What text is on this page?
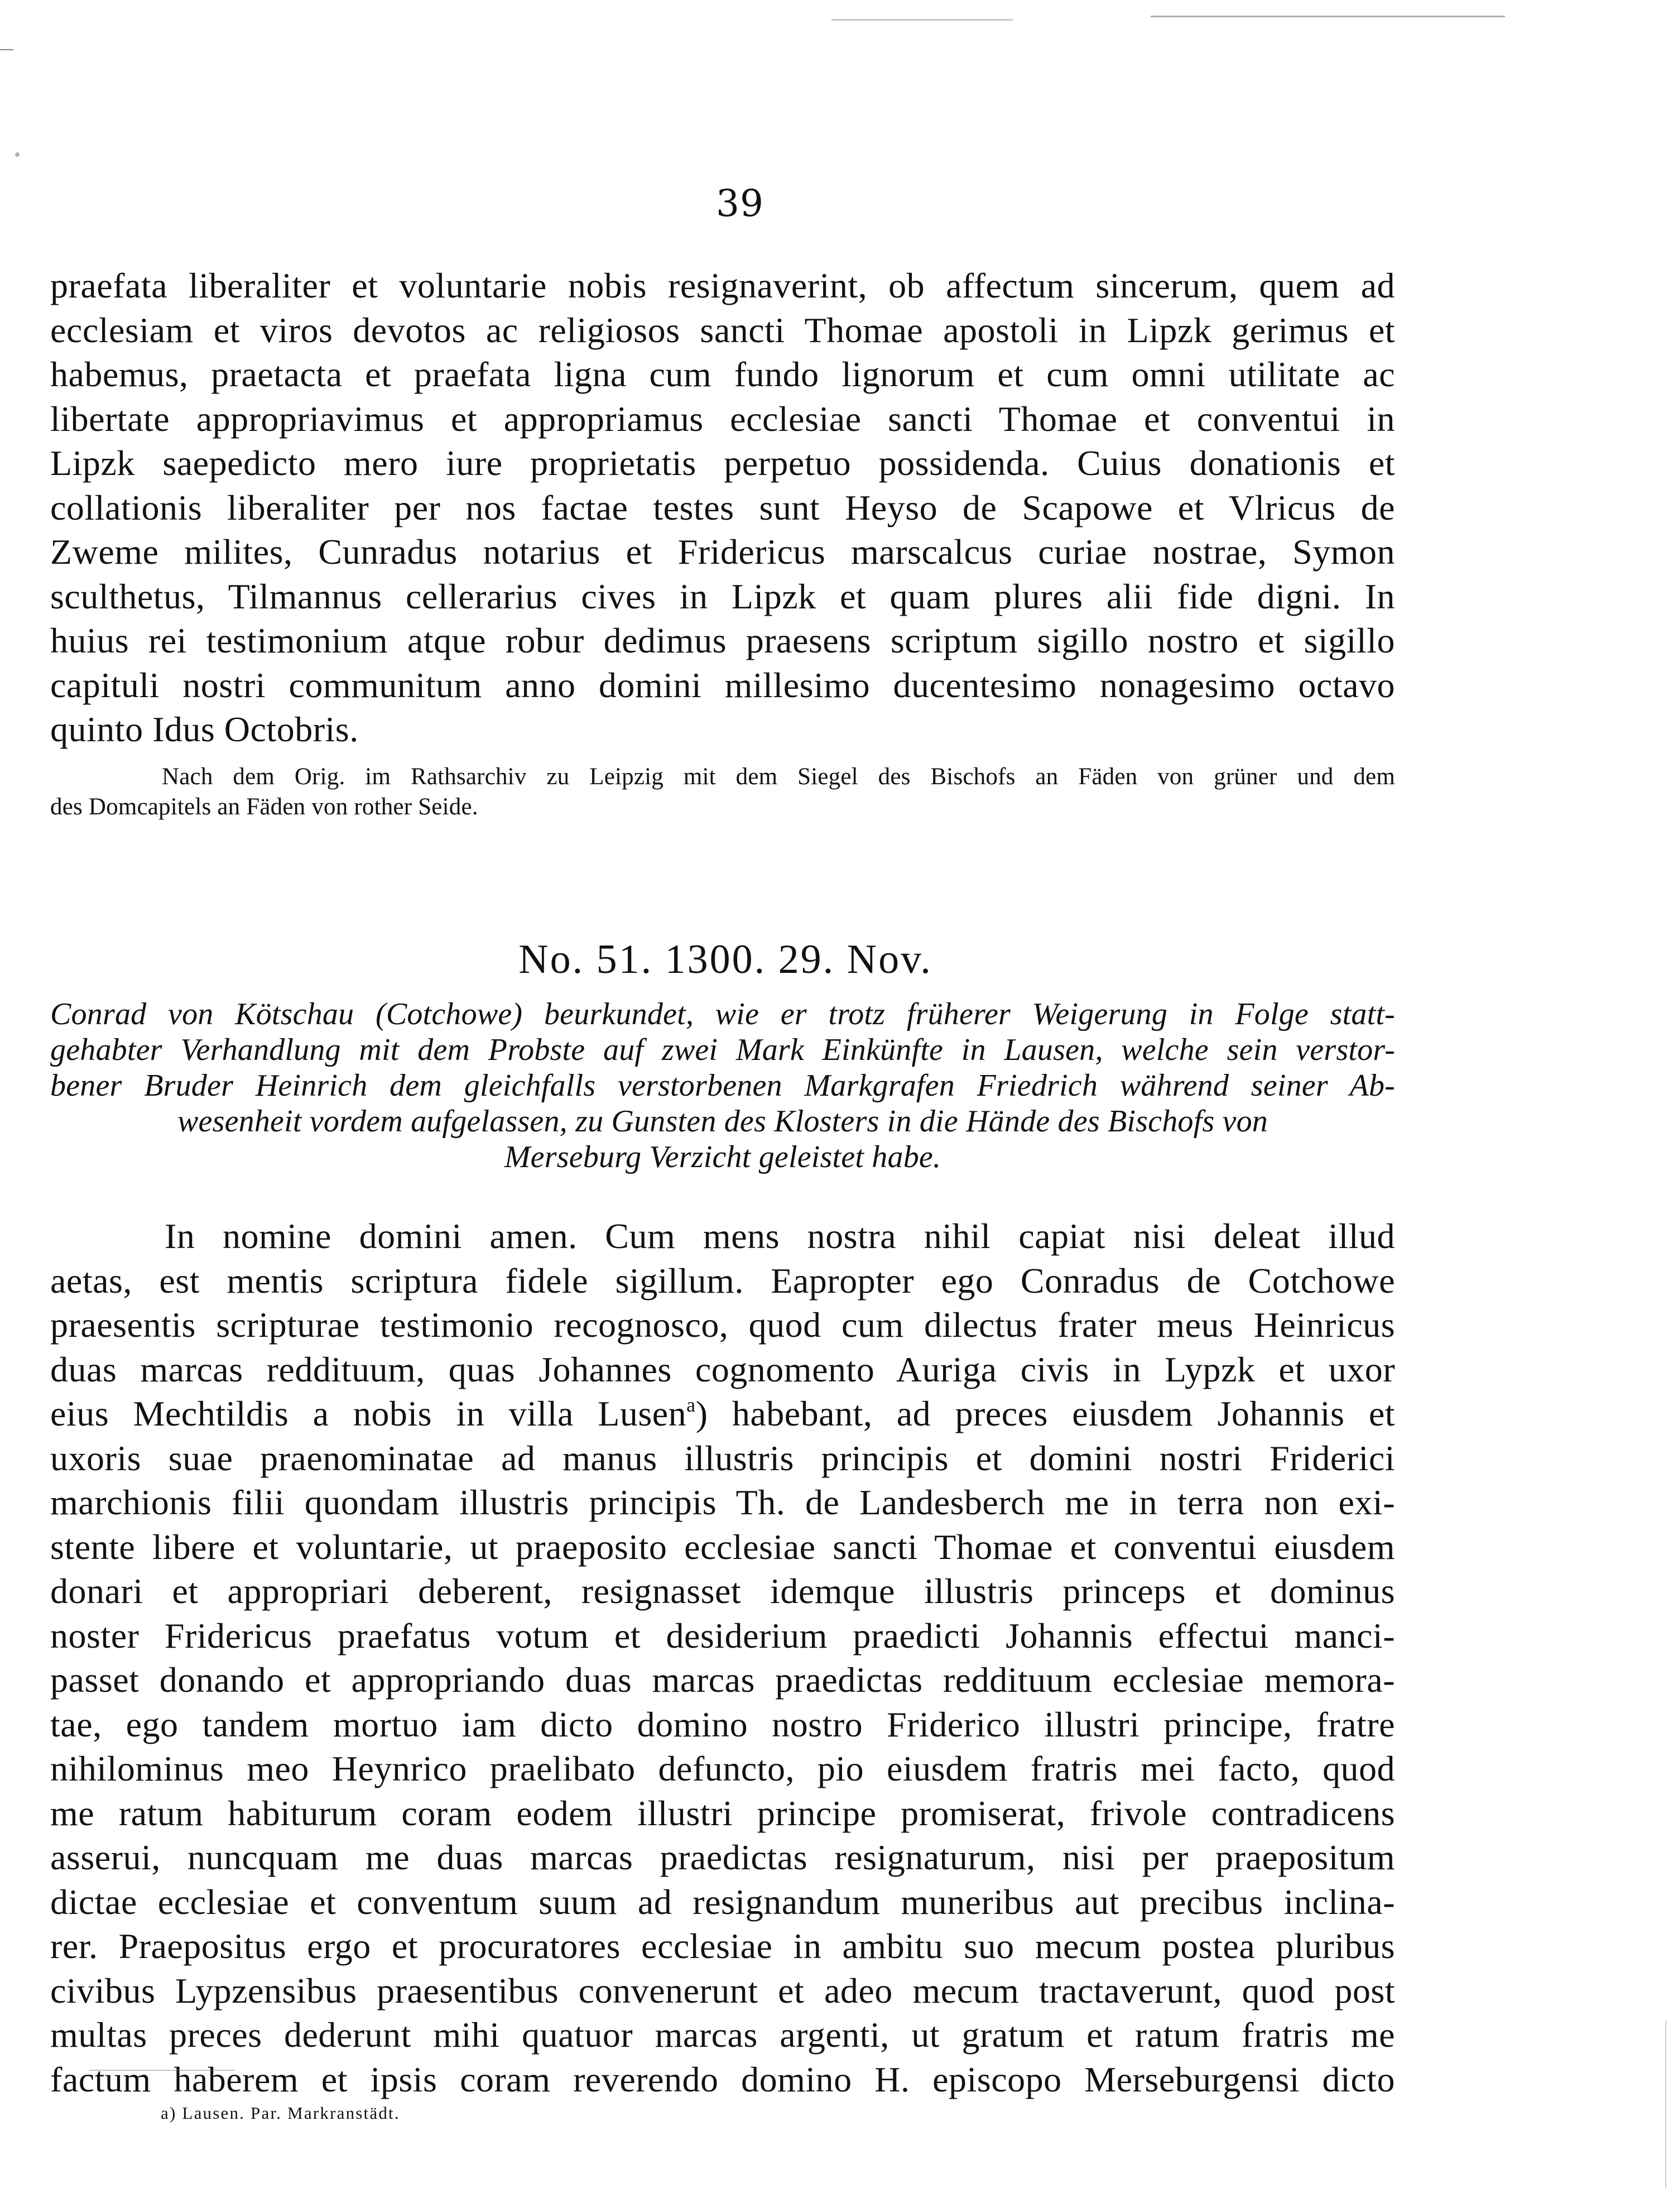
39
praefata liberaliter et voluntarie nobis resignaverint, ob affectum sincerum, quem ad
ecclesiam et viros devotos ac religiosos sancti Thomae apostoli in Lipzk gerimus et
habemus, praetacta et praefata ligna cum fundo lignorum et cum omni utilitate ac
libertate appropriavimus et appropriamus ecclesiae sancti Thomae et conventui in
Lipzk saepedicto mero iure proprietatis perpetuo possidenda. Cuius donationis et
collationis liberaliter per nos factae testes sunt Heyso de Scapowe et Vlricus de
Zweme milites, Cunradus notarius et Fridericus marscalcus curiae nostrae, Symon
sculthetus, Tilmannus cellerarius cives in Lipzk et quam plures alii fide digni. In
huius rei testimonium atque robur dedimus praesens scriptum sigillo nostro et sigillo
capituli nostri communitum anno domini millesimo ducentesimo nonagesimo octavo
quinto Idus Octobris.
Nach dem Orig. im Rathsarchiv zu Leipzig mit dem Siegel des Bischofs an Fäden von grüner und dem
des Domcapitels an Fäden von rother Seide.
No. 51. 1300. 29. Nov.
Conrad von Kötschau (Cotchowe) beurkundet, wie er trotz früherer Weigerung in Folge statt-
gehabter Verhandlung mit dem Probste auf zwei Mark Einkünfte in Lausen, welche sein verstor-
bener Bruder Heinrich dem gleichfalls verstorbenen Markgrafen Friedrich während seiner Ab-
wesenheit vordem aufgelassen, zu Gunsten des Klosters in die Hände des Bischofs von
Merseburg Verzicht geleistet habe.
In nomine domini amen. Cum mens nostra nihil capiat nisi deleat illud
aetas, est mentis scriptura fidele sigillum. Eapropter ego Conradus de Cotchowe
praesentis scripturae testimonio recognosco, quod cum dilectus frater meus Heinricus
duas marcas reddituum, quas Johannes cognomento Auriga civis in Lypzk et uxor
eius Mechtildis a nobis in villa Lusen$^a$) habebant, ad preces eiusdem Johannis et
uxoris suae praenominatae ad manus illustris principis et domini nostri Friderici
marchionis filii quondam illustris principis Th. de Landesberch me in terra non exi-
stente libere et voluntarie, ut praeposito ecclesiae sancti Thomae et conventui eiusdem
donari et appropriari deberent, resignasset idemque illustris princeps et dominus
noster Fridericus praefatus votum et desiderium praedicti Johannis effectui manci-
passet donando et appropriando duas marcas praedictas reddituum ecclesiae memora-
tae, ego tandem mortuo iam dicto domino nostro Friderico illustri principe, fratre
nihilominus meo Heynrico praelibato defuncto, pio eiusdem fratris mei facto, quod
me ratum habiturum coram eodem illustri principe promiserat, frivole contradicens
asserui, nuncquam me duas marcas praedictas resignaturum, nisi per praepositum
dictae ecclesiae et conventum suum ad resignandum muneribus aut precibus inclina-
rer. Praepositus ergo et procuratores ecclesiae in ambitu suo mecum postea pluribus
civibus Lypzensibus praesentibus convenerunt et adeo mecum tractaverunt, quod post
multas preces dederunt mihi quatuor marcas argenti, ut gratum et ratum fratris me
factum haberem et ipsis coram reverendo domino H. episcopo Merseburgensi dicto
a) Lausen. Par. Markranstädt.
